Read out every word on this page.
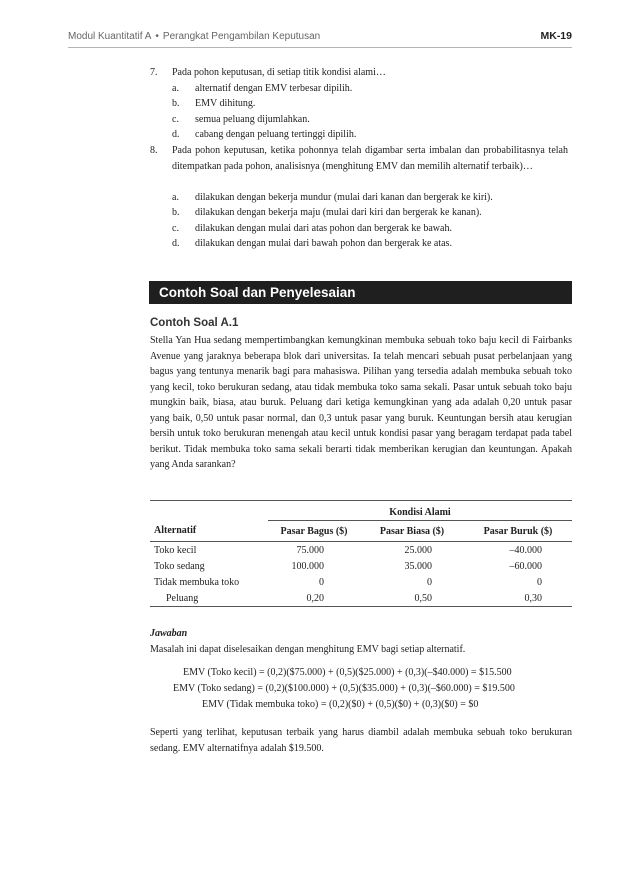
Modul Kuantitatif A • Perangkat Pengambilan Keputusan	MK-19
7. Pada pohon keputusan, di setiap titik kondisi alami…
a. alternatif dengan EMV terbesar dipilih.
b. EMV dihitung.
c. semua peluang dijumlahkan.
d. cabang dengan peluang tertinggi dipilih.
8. Pada pohon keputusan, ketika pohonnya telah digambar serta imbalan dan probabilitasnya telah ditempatkan pada pohon, analisisnya (menghitung EMV dan memilih alternatif terbaik)…
a. dilakukan dengan bekerja mundur (mulai dari kanan dan bergerak ke kiri).
b. dilakukan dengan bekerja maju (mulai dari kiri dan bergerak ke kanan).
c. dilakukan dengan mulai dari atas pohon dan bergerak ke bawah.
d. dilakukan dengan mulai dari bawah pohon dan bergerak ke atas.
Contoh Soal dan Penyelesaian
Contoh Soal A.1
Stella Yan Hua sedang mempertimbangkan kemungkinan membuka sebuah toko baju kecil di Fairbanks Avenue yang jaraknya beberapa blok dari universitas. Ia telah mencari sebuah pusat perbelanjaan yang bagus yang tentunya menarik bagi para mahasiswa. Pilihan yang tersedia adalah membuka sebuah toko yang kecil, toko berukuran sedang, atau tidak membuka toko sama sekali. Pasar untuk sebuah toko baju mungkin baik, biasa, atau buruk. Peluang dari ketiga kemungkinan yang ada adalah 0,20 untuk pasar yang baik, 0,50 untuk pasar normal, dan 0,3 untuk pasar yang buruk. Keuntungan bersih atau kerugian bersih untuk toko berukuran menengah atau kecil untuk kondisi pasar yang beragam terdapat pada tabel berikut. Tidak membuka toko sama sekali berarti tidak memberikan kerugian dan keuntungan. Apakah yang Anda sarankan?

	Kondisi Alami		
Alternatif	Pasar Bagus ($)	Pasar Biasa ($)	Pasar Buruk ($)
Toko kecil	75.000	25.000	–40.000
Toko sedang	100.000	35.000	–60.000
Tidak membuka toko	0	0	0
Peluang	0,20	0,50	0,30
Jawaban
Masalah ini dapat diselesaikan dengan menghitung EMV bagi setiap alternatif.
EMV (Toko kecil) = (0,2)($75.000) + (0,5)($25.000) + (0,3)(–$40.000) = $15.500
EMV (Toko sedang) = (0,2)($100.000) + (0,5)($35.000) + (0,3)(–$60.000) = $19.500
EMV (Tidak membuka toko) = (0,2)($0) + (0,5)($0) + (0,3)($0) = $0
Seperti yang terlihat, keputusan terbaik yang harus diambil adalah membuka sebuah toko berukuran sedang. EMV alternatifnya adalah $19.500.
